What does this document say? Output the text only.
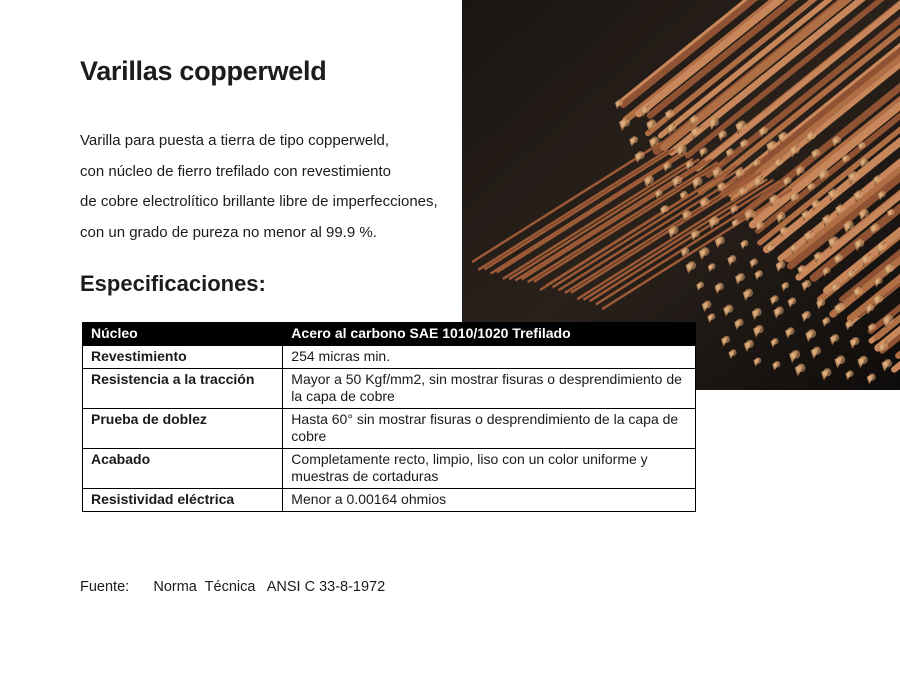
Varillas copperweld
Varilla para puesta a tierra de tipo copperweld,
con núcleo de fierro trefilado con revestimiento
de cobre electrolítico brillante libre de imperfecciones,
con un grado de pureza no menor al 99.9 %.
Especificaciones:
Núcleo	Acero al carbono SAE 1010/1020 Trefilado
Revestimiento	254 micras min.
Resistencia a la tracción	Mayor a 50 Kgf/mm2, sin mostrar fisuras o desprendimiento de la capa de cobre
Prueba de doblez	Hasta 60° sin mostrar fisuras o desprendimiento de la capa de cobre
Acabado	Completamente recto, limpio, liso con un color uniforme y muestras de cortaduras
Resistividad eléctrica	Menor a 0.00164 ohmios
Fuente: Norma  Técnica   ANSI C 33-8-1972
